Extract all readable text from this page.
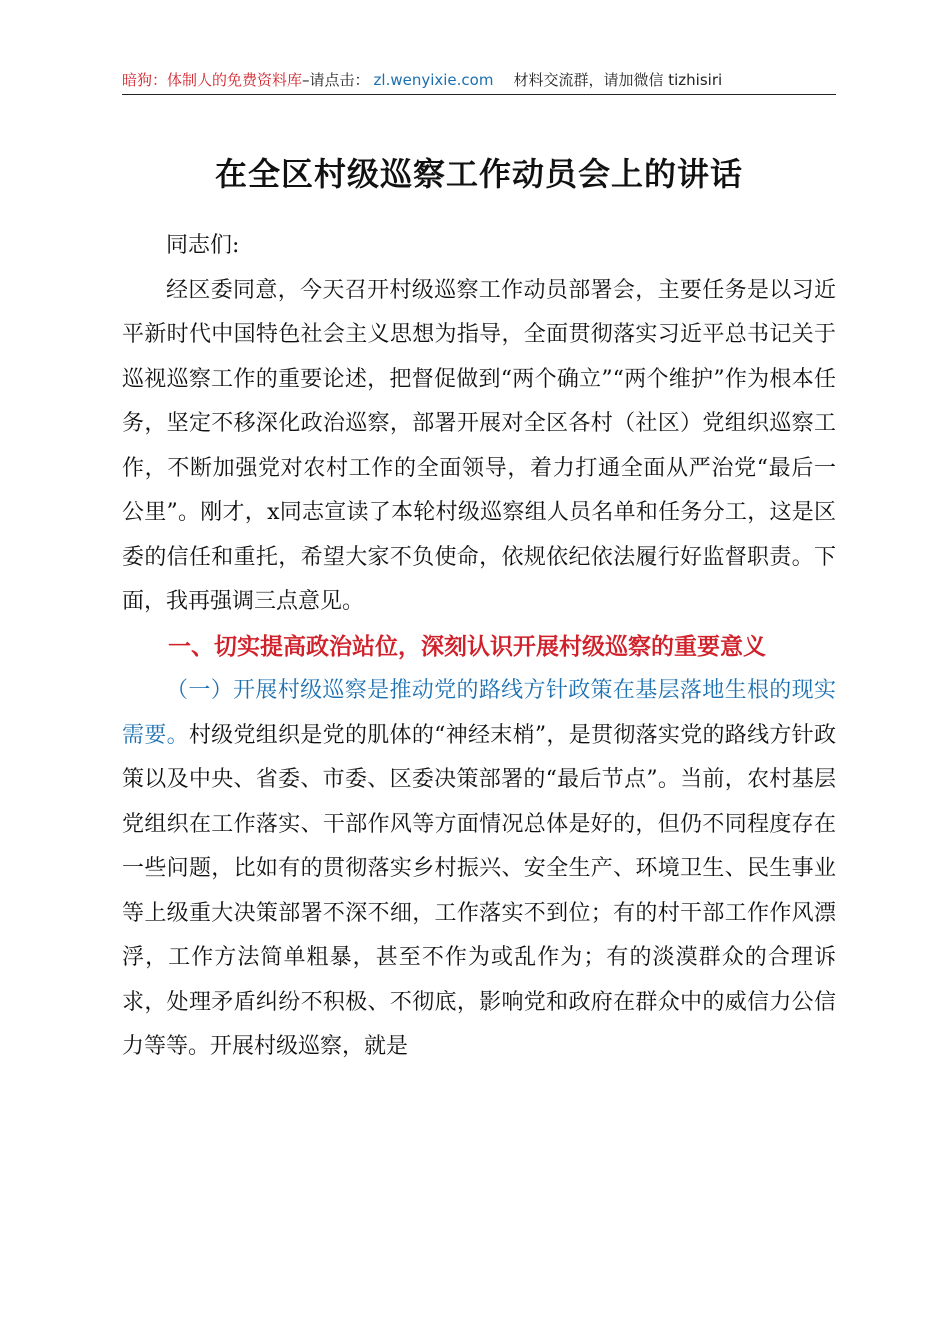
暗狗：体制人的免费资料库–请点击： zl.wenyixie.com 材料交流群，请加微信 tizhisiri
在全区村级巡察工作动员会上的讲话

同志们:

经区委同意，今天召开村级巡察工作动员部署会，主要任务是以习近平新时代中国特色社会主义思想为指导，全面贯彻落实习近平总书记关于巡视巡察工作的重要论述，把督促做到“两个确立”“两个维护”作为根本任务，坚定不移深化政治巡察，部署开展对全区各村（社区）党组织巡察工作，不断加强党对农村工作的全面领导，着力打通全面从严治党“最后一公里”。刚才，x同志宣读了本轮村级巡察组人员名单和任务分工，这是区委的信任和重托，希望大家不负使命，依规依纪依法履行好监督职责。下面，我再强调三点意见。

一、切实提高政治站位，深刻认识开展村级巡察的重要意义

（一）开展村级巡察是推动党的路线方针政策在基层落地生根的现实需要。村级党组织是党的肌体的“神经末梢”，是贯彻落实党的路线方针政策以及中央、省委、市委、区委决策部署的“最后节点”。当前，农村基层党组织在工作落实、干部作风等方面情况总体是好的，但仍不同程度存在一些问题，比如有的贯彻落实乡村振兴、安全生产、环境卫生、民生事业等上级重大决策部署不深不细，工作落实不到位；有的村干部工作作风漂浮，工作方法简单粗暴，甚至不作为或乱作为；有的淡漠群众的合理诉求，处理矛盾纠纷不积极、不彻底，影响党和政府在群众中的威信力公信力等等。开展村级巡察，就是
